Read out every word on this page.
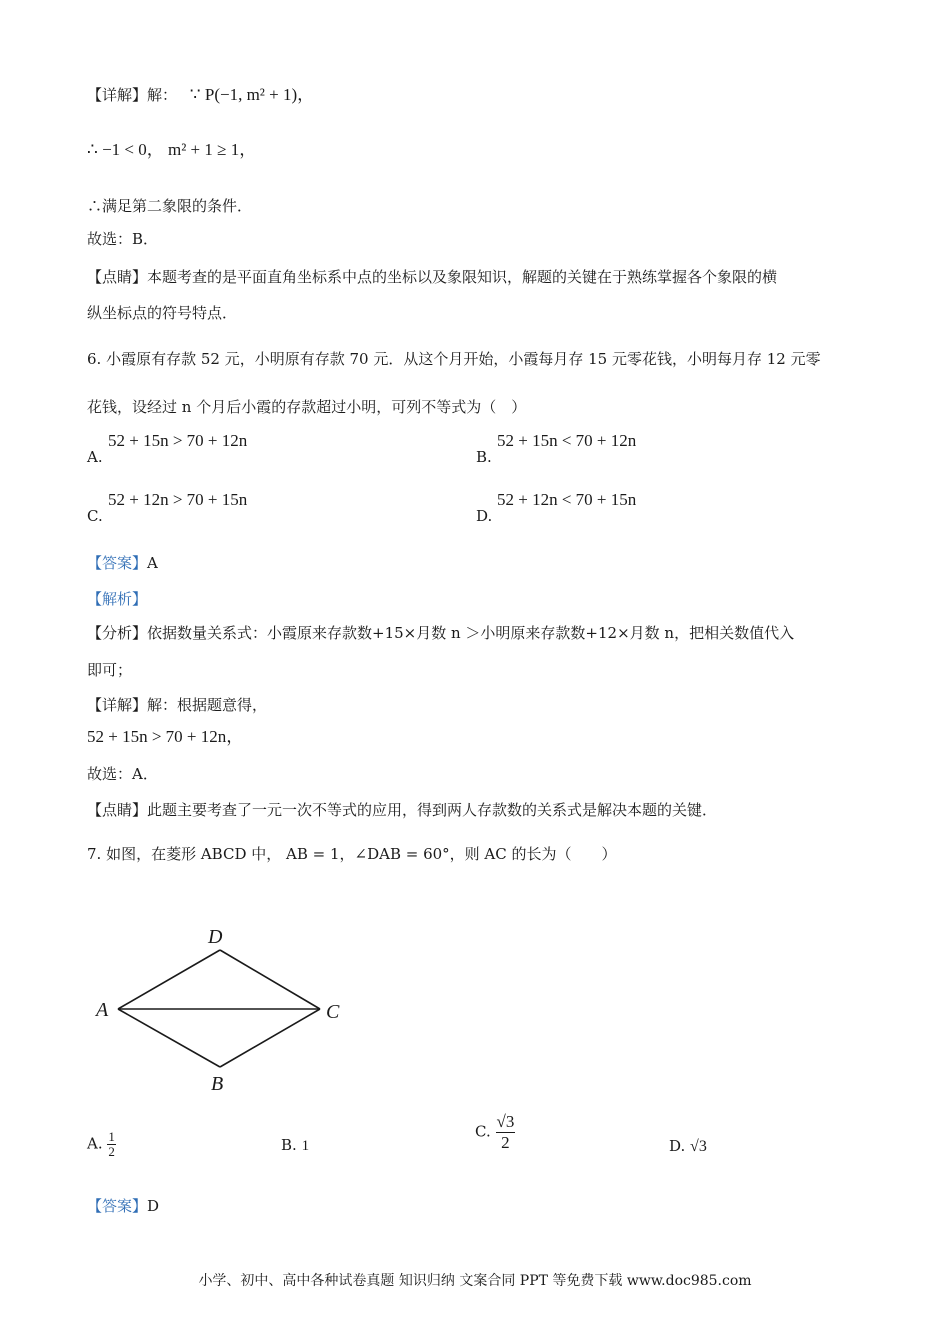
【详解】解： ∵ P(−1, m² + 1)，
∴ −1 < 0， m² + 1 ≥ 1，
∴满足第二象限的条件．
故选：B．
【点睛】本题考查的是平面直角坐标系中点的坐标以及象限知识，解题的关键在于熟练掌握各个象限的横
纵坐标点的符号特点．
6. 小霞原有存款 52 元，小明原有存款 70 元．从这个月开始，小霞每月存 15 元零花钱，小明每月存 12 元零
花钱，设经过 n 个月后小霞的存款超过小明，可列不等式为（　）
A.
52 + 15n > 70 + 12n
B.
52 + 15n < 70 + 12n
C.
52 + 12n > 70 + 15n
D.
52 + 12n < 70 + 15n
【答案】A
【解析】
【分析】依据数量关系式：小霞原来存款数+15×月数 n ＞小明原来存款数+12×月数 n，把相关数值代入
即可；
【详解】解：根据题意得，
52 + 15n > 70 + 12n，
故选：A．
【点睛】此题主要考查了一元一次不等式的应用，得到两人存款数的关系式是解决本题的关键．
7. 如图，在菱形 ABCD 中， AB = 1，∠DAB = 60°，则 AC 的长为（　　）
D
A	C
B
A. $\frac{1}{2}$	B. 1
C. $\frac{√3}{2}$	D. √3
【答案】D
小学、初中、高中各种试卷真题 知识归纳 文案合同 PPT 等免费下载 www.doc985.com
